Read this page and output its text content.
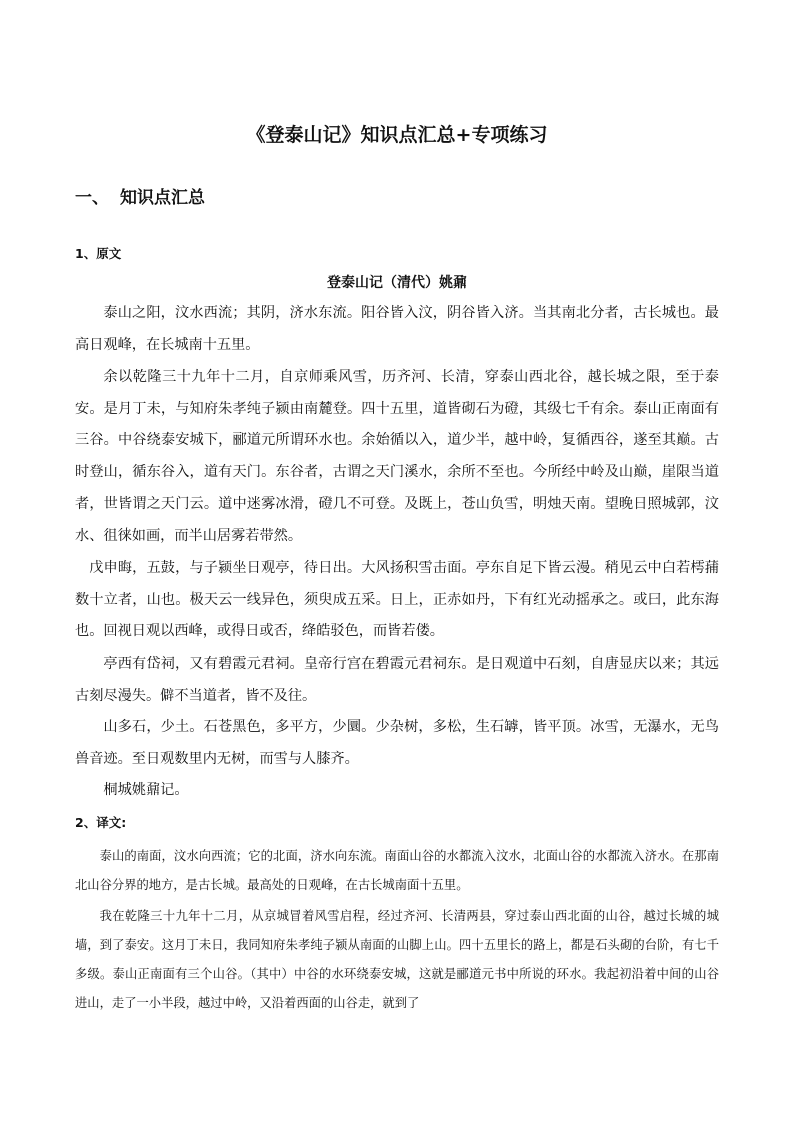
《登泰山记》知识点汇总+专项练习
一、 知识点汇总
1、原文
登泰山记（清代）姚鼐

泰山之阳，汶水西流；其阴，济水东流。阳谷皆入汶，阴谷皆入济。当其南北分者，古长城也。最高日观峰，在长城南十五里。

余以乾隆三十九年十二月，自京师乘风雪，历齐河、长清，穿泰山西北谷，越长城之限，至于泰安。是月丁未，与知府朱孝纯子颍由南麓登。四十五里，道皆砌石为磴，其级七千有余。泰山正南面有三谷。中谷绕泰安城下，郦道元所谓环水也。余始循以入，道少半，越中岭，复循西谷，遂至其巅。古时登山，循东谷入，道有天门。东谷者，古谓之天门溪水，余所不至也。今所经中岭及山巅，崖限当道者，世皆谓之天门云。道中迷雾冰滑，磴几不可登。及既上，苍山负雪，明烛天南。望晚日照城郭，汶水、徂徕如画，而半山居雾若带然。

戊申晦，五鼓，与子颍坐日观亭，待日出。大风扬积雪击面。亭东自足下皆云漫。稍见云中白若樗蒱数十立者，山也。极天云一线异色，须臾成五采。日上，正赤如丹，下有红光动摇承之。或曰，此东海也。回视日观以西峰，或得日或否，绛皓驳色，而皆若偻。

亭西有岱祠，又有碧霞元君祠。皇帝行宫在碧霞元君祠东。是日观道中石刻，自唐显庆以来；其远古刻尽漫失。僻不当道者，皆不及往。

山多石，少土。石苍黑色，多平方，少圜。少杂树，多松，生石罅，皆平顶。冰雪，无瀑水，无鸟兽音迹。至日观数里内无树，而雪与人膝齐。

桐城姚鼐记。

2、译文:

泰山的南面，汶水向西流；它的北面，济水向东流。南面山谷的水都流入汶水，北面山谷的水都流入济水。在那南北山谷分界的地方，是古长城。最高处的日观峰，在古长城南面十五里。

我在乾隆三十九年十二月，从京城冒着风雪启程，经过齐河、长清两县，穿过泰山西北面的山谷，越过长城的城墙，到了泰安。这月丁未日，我同知府朱孝纯子颍从南面的山脚上山。四十五里长的路上，都是石头砌的台阶，有七千多级。泰山正南面有三个山谷。（其中）中谷的水环绕泰安城，这就是郦道元书中所说的环水。我起初沿着中间的山谷进山，走了一小半段，越过中岭，又沿着西面的山谷走，就到了
